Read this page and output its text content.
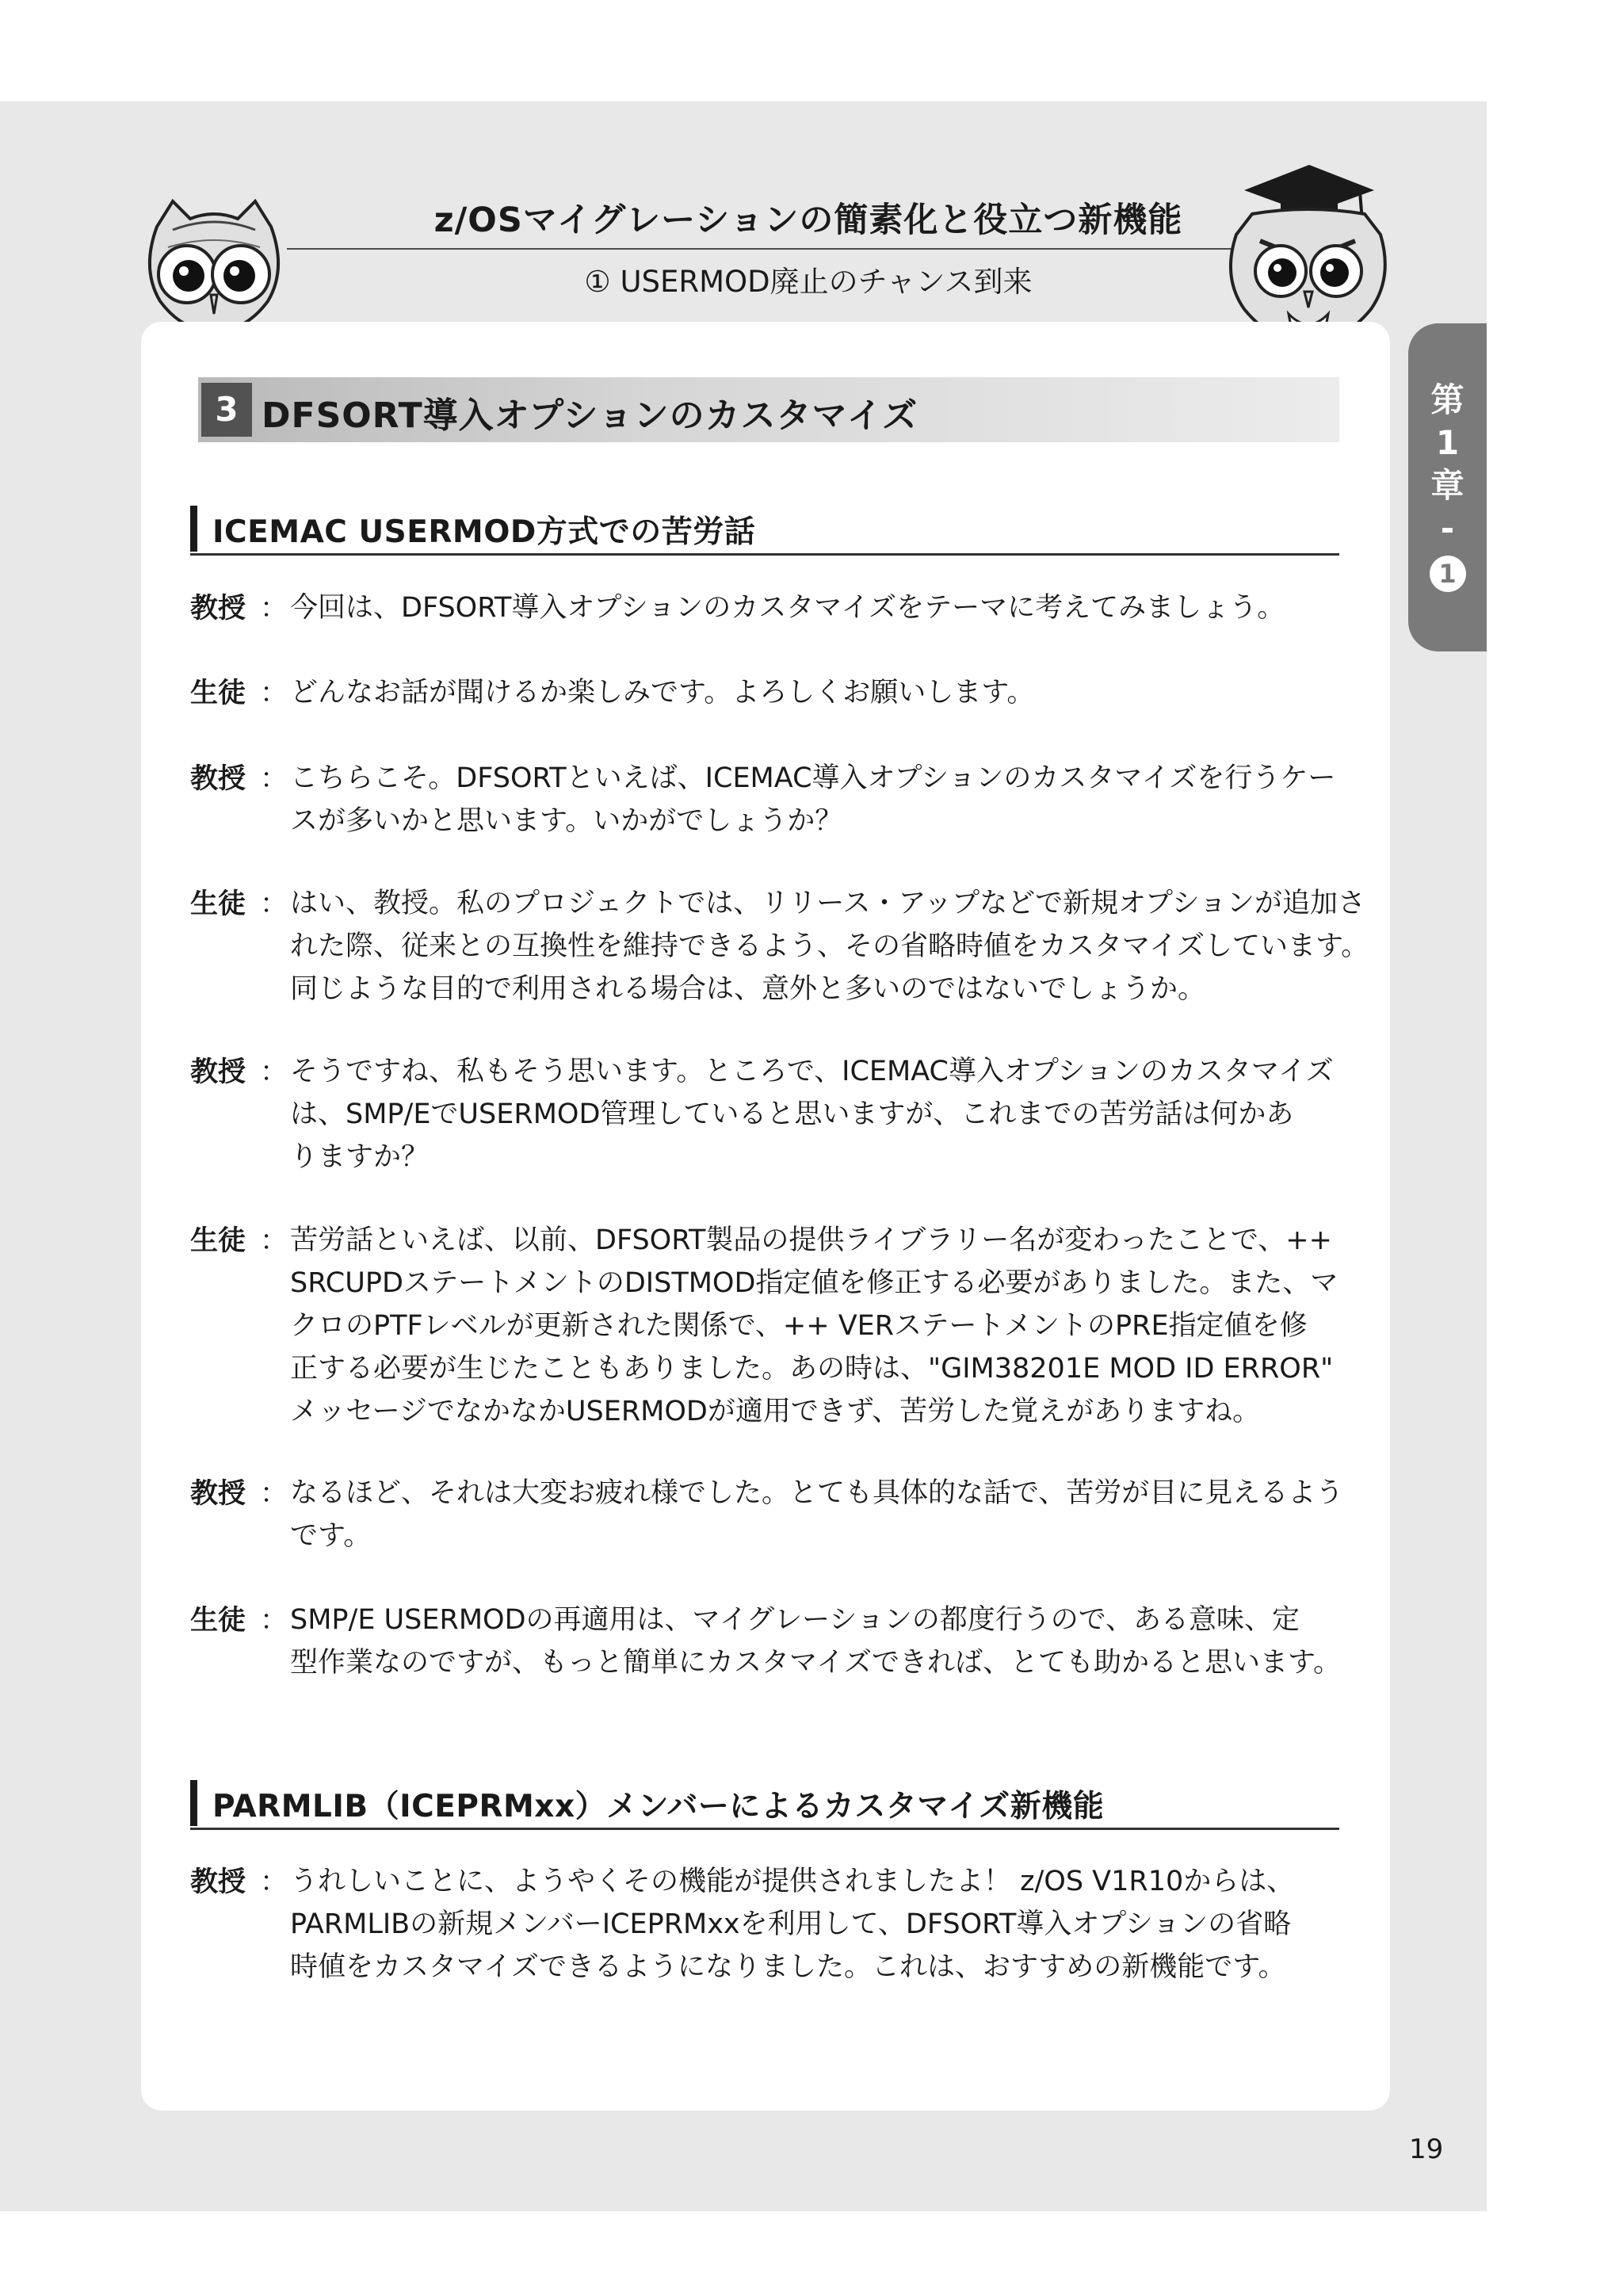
z/OSマイグレーションの簡素化と役立つ新機能
① USERMOD廃止のチャンス到来
3 DFSORT導入オプションのカスタマイズ
ICEMAC USERMOD方式での苦労話
教授 ： 今回は、DFSORT導入オプションのカスタマイズをテーマに考えてみましょう。
生徒 ： どんなお話が聞けるか楽しみです。よろしくお願いします。
教授 ： こちらこそ。DFSORTといえば、ICEMAC導入オプションのカスタマイズを行うケー
スが多いかと思います。いかがでしょうか？
生徒 ： はい、教授。私のプロジェクトでは、リリース・アップなどで新規オプションが追加さ
れた際、従来との互換性を維持できるよう、その省略時値をカスタマイズしています。
同じような目的で利用される場合は、意外と多いのではないでしょうか。
教授 ： そうですね、私もそう思います。ところで、ICEMAC導入オプションのカスタマイズ
は、SMP/EでUSERMOD管理していると思いますが、これまでの苦労話は何かあ
りますか？
生徒 ： 苦労話といえば、以前、DFSORT製品の提供ライブラリー名が変わったことで、++
SRCUPDステートメントのDISTMOD指定値を修正する必要がありました。また、マ
クロのPTFレベルが更新された関係で、++ VERステートメントのPRE指定値を修
正する必要が生じたこともありました。あの時は、"GIM38201E MOD ID ERROR"
メッセージでなかなかUSERMODが適用できず、苦労した覚えがありますね。
教授 ： なるほど、それは大変お疲れ様でした。とても具体的な話で、苦労が目に見えるよう
です。
生徒 ： SMP/E USERMODの再適用は、マイグレーションの都度行うので、ある意味、定
型作業なのですが、もっと簡単にカスタマイズできれば、とても助かると思います。
PARMLIB（ICEPRMxx）メンバーによるカスタマイズ新機能
教授 ： うれしいことに、ようやくその機能が提供されましたよ！ z/OS V1R10からは、
PARMLIBの新規メンバーICEPRMxxを利用して、DFSORT導入オプションの省略
時値をカスタマイズできるようになりました。これは、おすすめの新機能です。
第
1
章
-
1
19
